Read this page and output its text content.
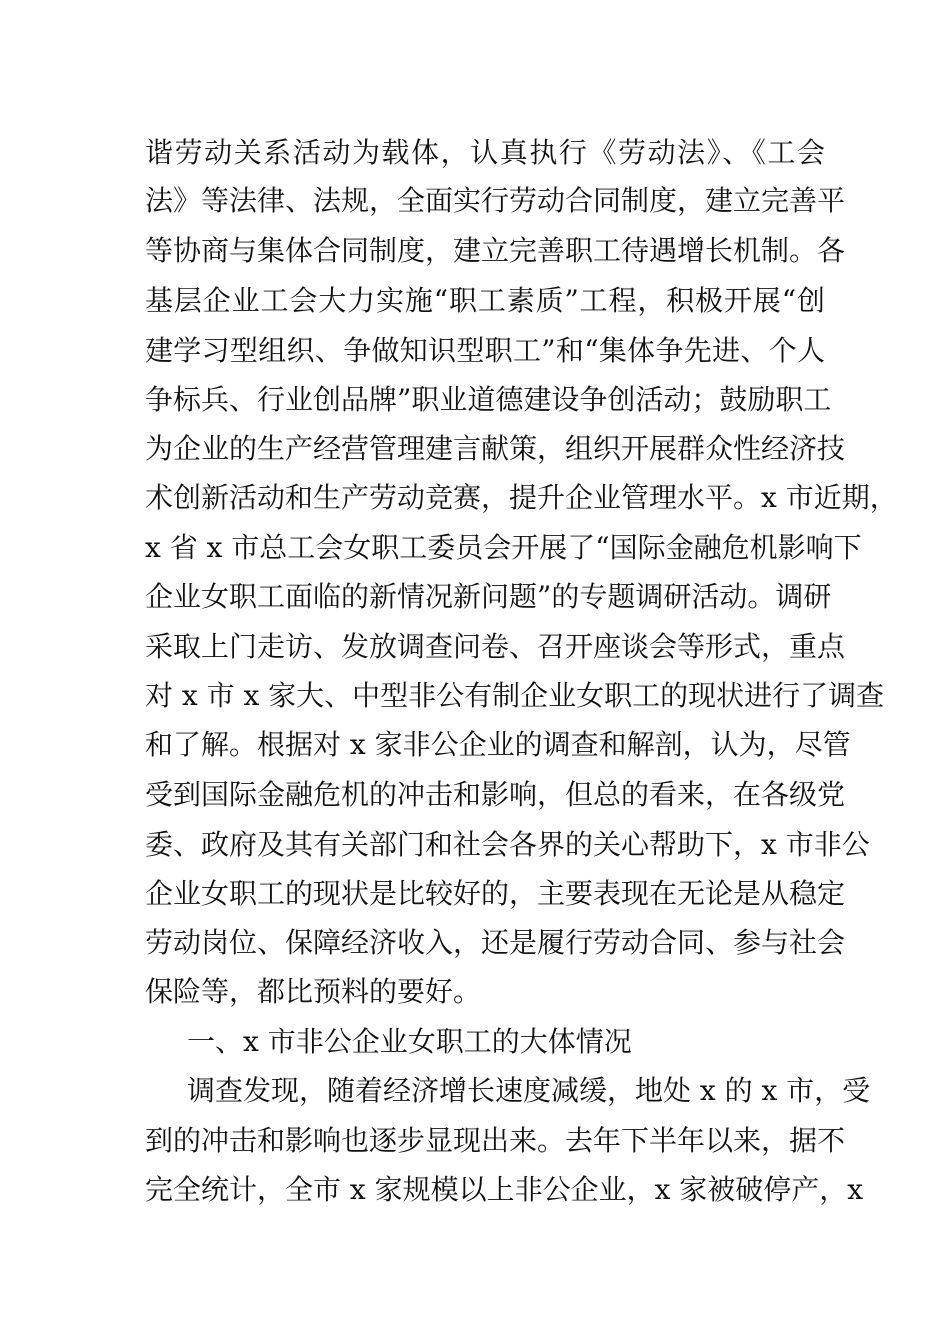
谐劳动关系活动为载体，认真执行《劳动法》、《工会
法》等法律、法规，全面实行劳动合同制度，建立完善平
等协商与集体合同制度，建立完善职工待遇增长机制。各
基层企业工会大力实施“职工素质”工程，积极开展“创
建学习型组织、争做知识型职工”和“集体争先进、个人
争标兵、行业创品牌”职业道德建设争创活动；鼓励职工
为企业的生产经营管理建言献策，组织开展群众性经济技
术创新活动和生产劳动竞赛，提升企业管理水平。x 市近期，
x 省 x 市总工会女职工委员会开展了“国际金融危机影响下
企业女职工面临的新情况新问题”的专题调研活动。调研
采取上门走访、发放调查问卷、召开座谈会等形式，重点
对 x 市 x 家大、中型非公有制企业女职工的现状进行了调查
和了解。根据对 x 家非公企业的调查和解剖，认为，尽管
受到国际金融危机的冲击和影响，但总的看来，在各级党
委、政府及其有关部门和社会各界的关心帮助下，x 市非公
企业女职工的现状是比较好的，主要表现在无论是从稳定
劳动岗位、保障经济收入，还是履行劳动合同、参与社会
保险等，都比预料的要好。
一、x 市非公企业女职工的大体情况
调查发现，随着经济增长速度减缓，地处 x 的 x 市，受
到的冲击和影响也逐步显现出来。去年下半年以来，据不
完全统计，全市 x 家规模以上非公企业，x 家被破停产，x
